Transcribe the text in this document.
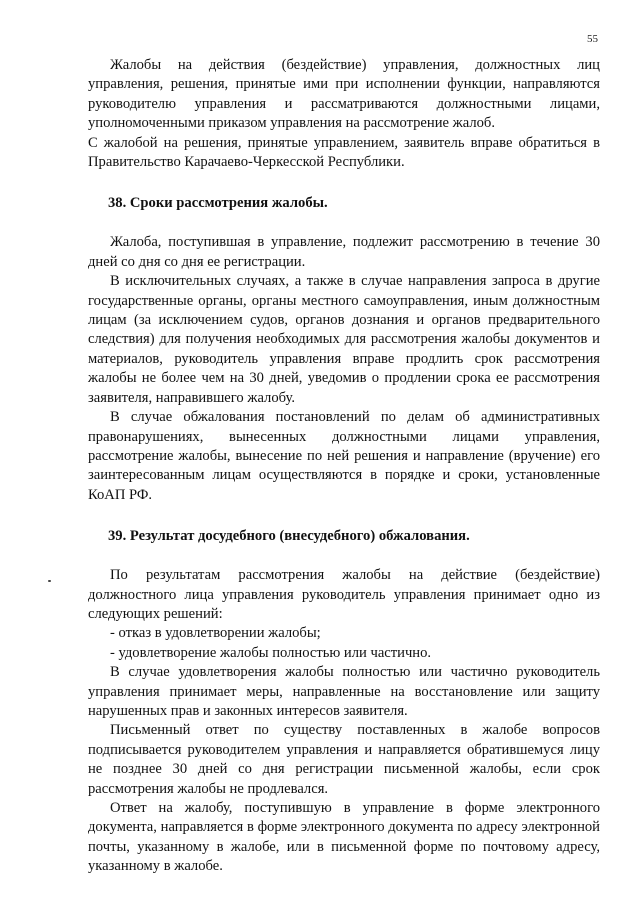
55

Жалобы на действия (бездействие) управления, должностных лиц управления, решения, принятые ими при исполнении функции, направляются руководителю управления и рассматриваются должностными лицами, уполномоченными приказом управления на рассмотрение жалоб.

С жалобой на решения, принятые управлением, заявитель вправе обратиться в Правительство Карачаево-Черкесской Республики.

38. Сроки рассмотрения жалобы.

Жалоба, поступившая в управление, подлежит рассмотрению в течение 30 дней со дня со дня ее регистрации.

В исключительных случаях, а также в случае направления запроса в другие государственные органы, органы местного самоуправления, иным должностным лицам (за исключением судов, органов дознания и органов предварительного следствия) для получения необходимых для рассмотрения жалобы документов и материалов, руководитель управления вправе продлить срок рассмотрения жалобы не более чем на 30 дней, уведомив о продлении срока ее рассмотрения заявителя, направившего жалобу.

В случае обжалования постановлений по делам об административных правонарушениях, вынесенных должностными лицами управления, рассмотрение жалобы, вынесение по ней решения и направление (вручение) его заинтересованным лицам осуществляются в порядке и сроки, установленные КоАП РФ.

39. Результат досудебного (внесудебного) обжалования.

По результатам рассмотрения жалобы на действие (бездействие) должностного лица управления руководитель управления принимает одно из следующих решений:

- отказ в удовлетворении жалобы;

- удовлетворение жалобы полностью или частично.

В случае удовлетворения жалобы полностью или частично руководитель управления принимает меры, направленные на восстановление или защиту нарушенных прав и законных интересов заявителя.

Письменный ответ по существу поставленных в жалобе вопросов подписывается руководителем управления и направляется обратившемуся лицу не позднее 30 дней со дня регистрации письменной жалобы, если срок рассмотрения жалобы не продлевался.

Ответ на жалобу, поступившую в управление в форме электронного документа, направляется в форме электронного документа по адресу электронной почты, указанному в жалобе, или в письменной форме по почтовому адресу, указанному в жалобе.
